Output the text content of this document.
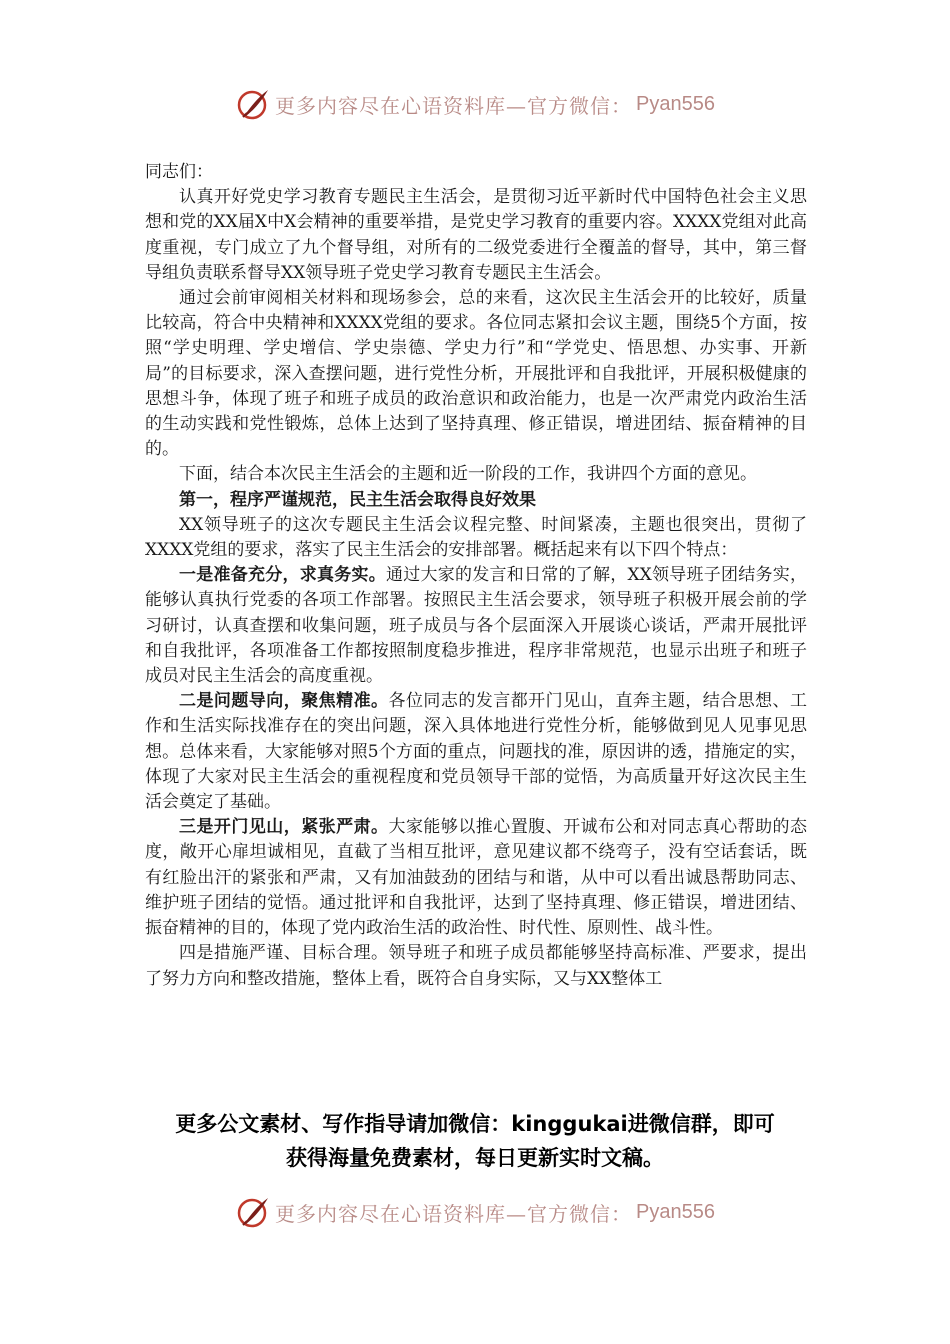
更多内容尽在心语资料库—官方微信： Pyan556

同志们：

认真开好党史学习教育专题民主生活会，是贯彻习近平新时代中国特色社会主义思想和党的XX届X中X会精神的重要举措，是党史学习教育的重要内容。XXXX党组对此高度重视，专门成立了九个督导组，对所有的二级党委进行全覆盖的督导，其中，第三督导组负责联系督导XX领导班子党史学习教育专题民主生活会。

通过会前审阅相关材料和现场参会，总的来看，这次民主生活会开的比较好，质量比较高，符合中央精神和XXXX党组的要求。各位同志紧扣会议主题，围绕5个方面，按照“学史明理、学史增信、学史崇德、学史力行”和“学党史、悟思想、办实事、开新局”的目标要求，深入查摆问题，进行党性分析，开展批评和自我批评，开展积极健康的思想斗争，体现了班子和班子成员的政治意识和政治能力，也是一次严肃党内政治生活的生动实践和党性锻炼，总体上达到了坚持真理、修正错误，增进团结、振奋精神的目的。

下面，结合本次民主生活会的主题和近一阶段的工作，我讲四个方面的意见。

第一，程序严谨规范，民主生活会取得良好效果

XX领导班子的这次专题民主生活会议程完整、时间紧凑，主题也很突出，贯彻了XXXX党组的要求，落实了民主生活会的安排部署。概括起来有以下四个特点：

一是准备充分，求真务实。通过大家的发言和日常的了解，XX领导班子团结务实，能够认真执行党委的各项工作部署。按照民主生活会要求，领导班子积极开展会前的学习研讨，认真查摆和收集问题，班子成员与各个层面深入开展谈心谈话，严肃开展批评和自我批评，各项准备工作都按照制度稳步推进，程序非常规范，也显示出班子和班子成员对民主生活会的高度重视。

二是问题导向，聚焦精准。各位同志的发言都开门见山，直奔主题，结合思想、工作和生活实际找准存在的突出问题，深入具体地进行党性分析，能够做到见人见事见思想。总体来看，大家能够对照5个方面的重点，问题找的准，原因讲的透，措施定的实，体现了大家对民主生活会的重视程度和党员领导干部的觉悟，为高质量开好这次民主生活会奠定了基础。

三是开门见山，紧张严肃。大家能够以推心置腹、开诚布公和对同志真心帮助的态度，敞开心扉坦诚相见，直截了当相互批评，意见建议都不绕弯子，没有空话套话，既有红脸出汗的紧张和严肃，又有加油鼓劲的团结与和谐，从中可以看出诚恳帮助同志、维护班子团结的觉悟。通过批评和自我批评，达到了坚持真理、修正错误，增进团结、振奋精神的目的，体现了党内政治生活的政治性、时代性、原则性、战斗性。

四是措施严谨、目标合理。领导班子和班子成员都能够坚持高标准、严要求，提出了努力方向和整改措施，整体上看，既符合自身实际，又与XX整体工

更多公文素材、写作指导请加微信：kinggukai进微信群，即可
获得海量免费素材，每日更新实时文稿。
更多内容尽在心语资料库—官方微信： Pyan556
